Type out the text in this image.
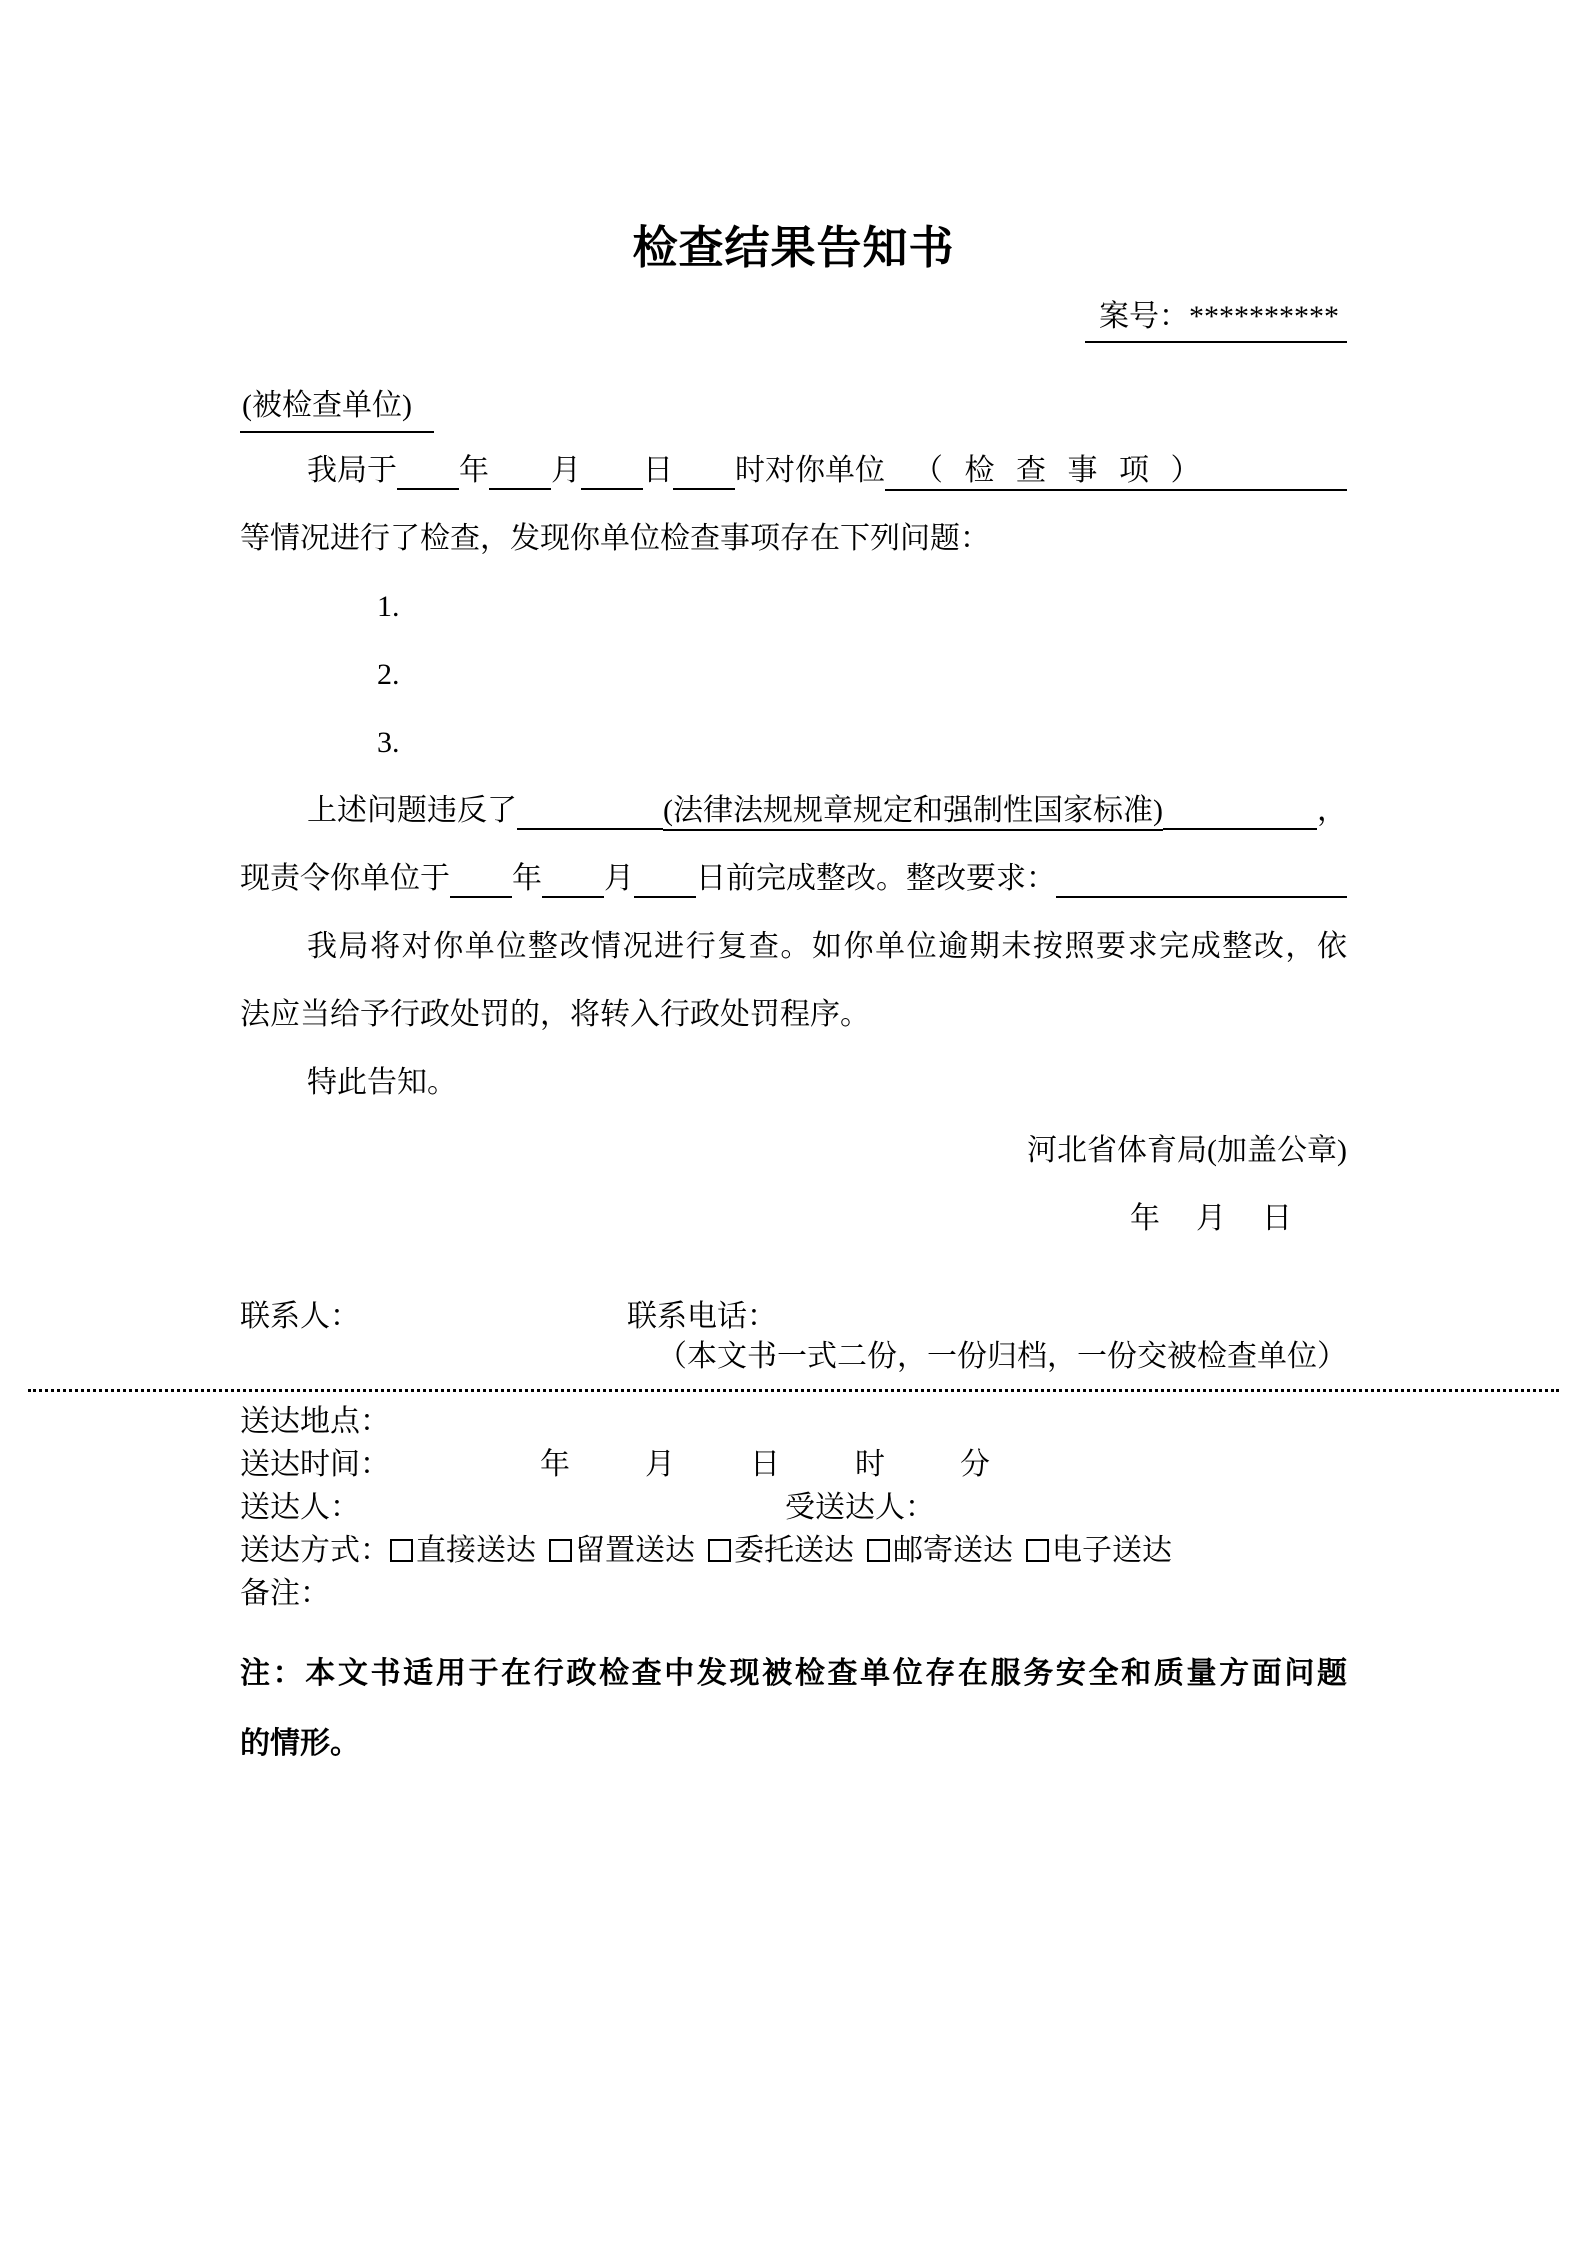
检查结果告知书
案号：**********
(被检查单位)
我局于
年
月
日
时对你单位 （ 检 查 事 项 ）
等情况进行了检查，发现你单位检查事项存在下列问题：
1.
2.
3.
上述问题违反了
	(法律法规规章规定和强制性国家标准)
	，
现责令你单位于
年
月
日前完成整改。整改要求：

我局将对你单位整改情况进行复查。如你单位逾期未按照要求完成整改，依
法应当给予行政处罚的，将转入行政处罚程序。
特此告知。
河北省体育局(加盖公章)
年 月 日
联系人：	联系电话：
（本文书一式二份，一份归档，一份交被检查单位）
送达地点：
送达时间：	年	月	日	时	分
送达人：	受送达人：
送达方式： 直接送达 留置送达 委托送达 邮寄送达 电子送达
备注：
注：本文书适用于在行政检查中发现被检查单位存在服务安全和质量方面问题
的情形。
